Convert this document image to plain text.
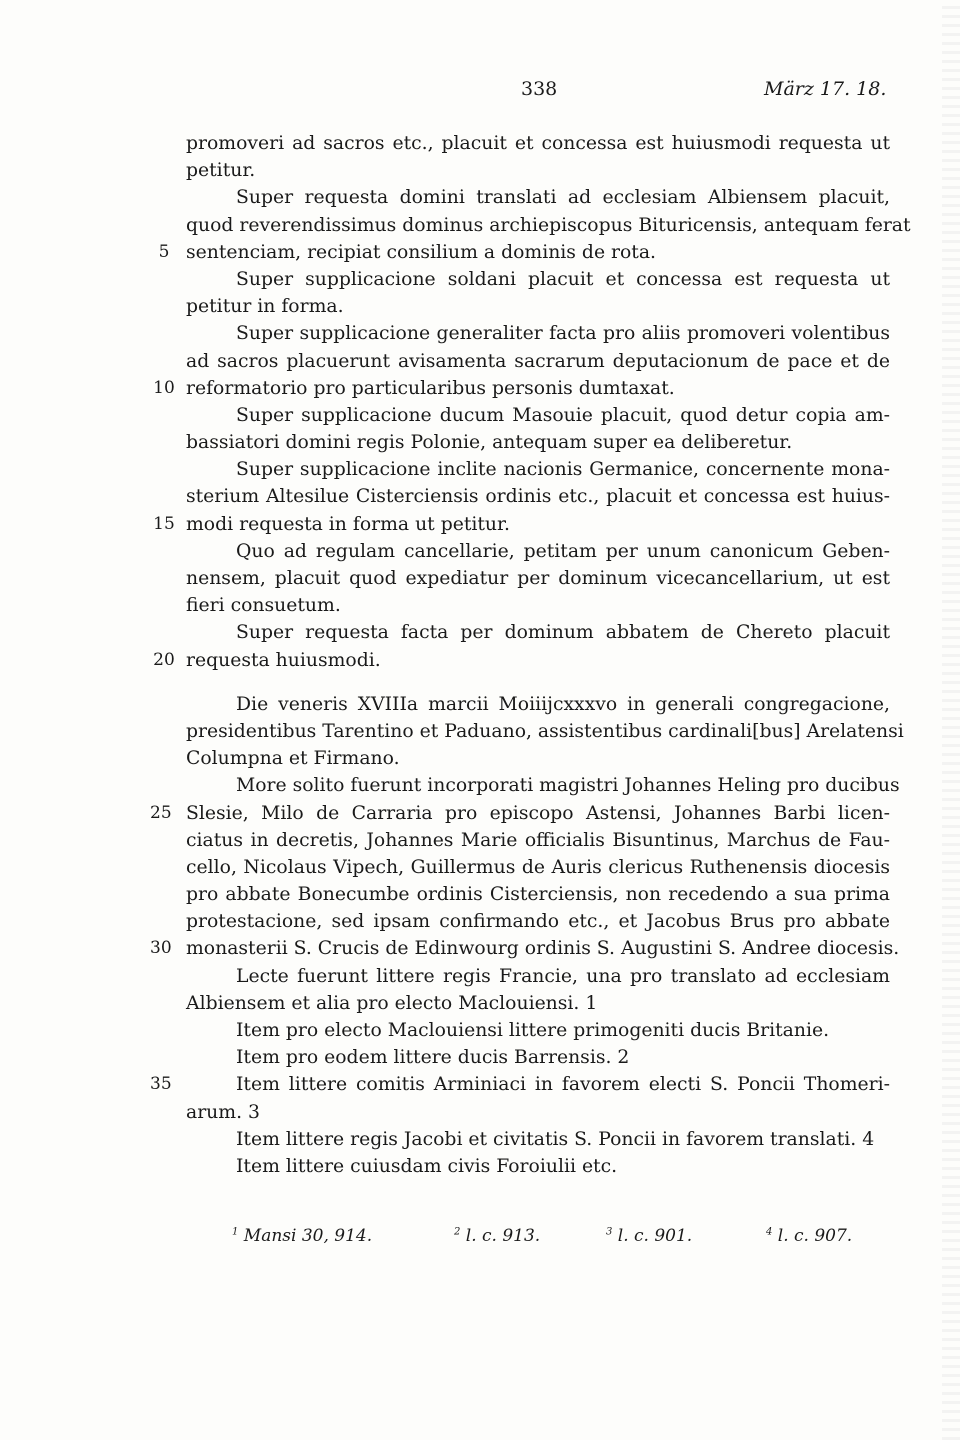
338	März 17. 18.
promoveri ad sacros etc., placuit et concessa est huiusmodi requesta ut
petitur.
Super requesta domini translati ad ecclesiam Albiensem placuit,
quod reverendissimus dominus archiepiscopus Bituricensis, antequam ferat
sentenciam, recipiat consilium a dominis de rota.
5
Super supplicacione soldani placuit et concessa est requesta ut
petitur in forma.
Super supplicacione generaliter facta pro aliis promoveri volentibus
ad sacros placuerunt avisamenta sacrarum deputacionum de pace et de
reformatorio pro particularibus personis dumtaxat.
10
Super supplicacione ducum Masouie placuit, quod detur copia am-
bassiatori domini regis Polonie, antequam super ea deliberetur.
Super supplicacione inclite nacionis Germanice, concernente mona-
sterium Altesilue Cisterciensis ordinis etc., placuit et concessa est huius-
modi requesta in forma ut petitur.
15
Quo ad regulam cancellarie, petitam per unum canonicum Geben-
nensem, placuit quod expediatur per dominum vicecancellarium, ut est
fieri consuetum.
Super requesta facta per dominum abbatem de Chereto placuit
requesta huiusmodi.
20
Die veneris XVIIIa marcii Moiiijcxxxvo in generali congregacione,
presidentibus Tarentino et Paduano, assistentibus cardinali[bus] Arelatensi
Columpna et Firmano.
More solito fuerunt incorporati magistri Johannes Heling pro ducibus
Slesie, Milo de Carraria pro episcopo Astensi, Johannes Barbi licen-
25
ciatus in decretis, Johannes Marie officialis Bisuntinus, Marchus de Fau-
cello, Nicolaus Vipech, Guillermus de Auris clericus Ruthenensis diocesis
pro abbate Bonecumbe ordinis Cisterciensis, non recedendo a sua prima
protestacione, sed ipsam confirmando etc., et Jacobus Brus pro abbate
monasterii S. Crucis de Edinwourg ordinis S. Augustini S. Andree diocesis.
30
Lecte fuerunt littere regis Francie, una pro translato ad ecclesiam
Albiensem et alia pro electo Maclouiensi. 1
Item pro electo Maclouiensi littere primogeniti ducis Britanie.
Item pro eodem littere ducis Barrensis. 2
Item littere comitis Arminiaci in favorem electi S. Poncii Thomeri-
35
arum. 3
Item littere regis Jacobi et civitatis S. Poncii in favorem translati. 4
Item littere cuiusdam civis Foroiulii etc.
$^1$ Mansi 30, 914.	$^2$ l. c. 913.	$^3$ l. c. 901.	$^4$ l. c. 907.
